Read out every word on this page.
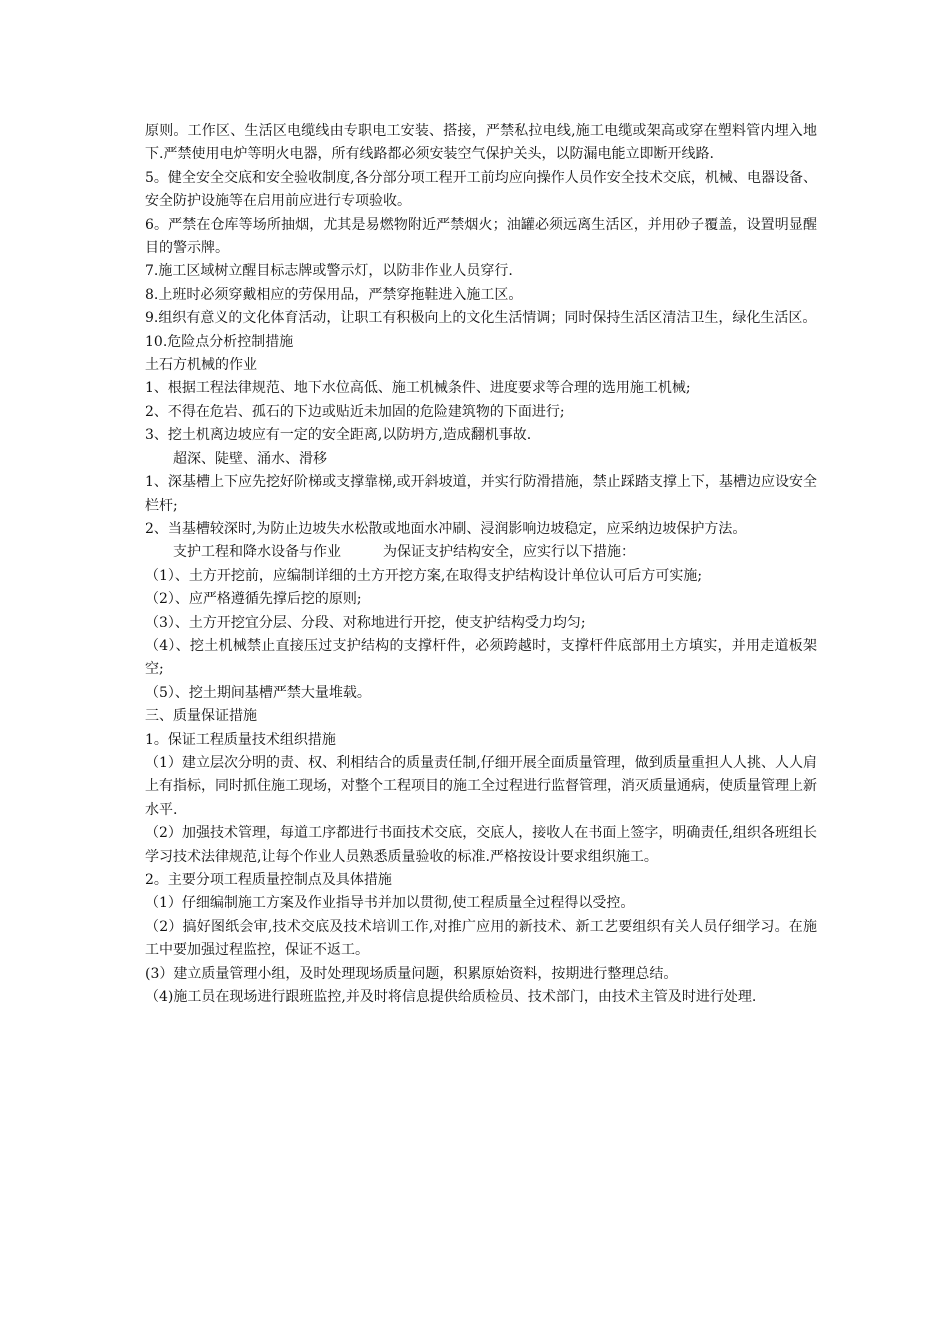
原则。工作区、生活区电缆线由专职电工安装、搭接，严禁私拉电线,施工电缆或架高或穿在塑料管内埋入地下.严禁使用电炉等明火电器，所有线路都必须安装空气保护关头，以防漏电能立即断开线路.

5。健全安全交底和安全验收制度,各分部分项工程开工前均应向操作人员作安全技术交底，机械、电器设备、安全防护设施等在启用前应进行专项验收。

6。严禁在仓库等场所抽烟，尤其是易燃物附近严禁烟火；油罐必须远离生活区，并用砂子覆盖，设置明显醒目的警示牌。

7.施工区域树立醒目标志牌或警示灯，以防非作业人员穿行.

8.上班时必须穿戴相应的劳保用品，严禁穿拖鞋进入施工区。

9.组织有意义的文化体育活动，让职工有积极向上的文化生活情调；同时保持生活区清洁卫生，绿化生活区。

10.危险点分析控制措施

土石方机械的作业

1、根据工程法律规范、地下水位高低、施工机械条件、进度要求等合理的选用施工机械;

2、不得在危岩、孤石的下边或贴近未加固的危险建筑物的下面进行;

3、挖土机离边坡应有一定的安全距离,以防坍方,造成翻机事故.

超深、陡壁、涌水、滑移

1、深基槽上下应先挖好阶梯或支撑靠梯,或开斜坡道，并实行防滑措施，禁止踩踏支撑上下，基槽边应设安全栏杆;

2、当基槽较深时,为防止边坡失水松散或地面水冲刷、浸润影响边坡稳定，应采纳边坡保护方法。

支护工程和降水设备与作业	为保证支护结构安全，应实行以下措施：

（1）、土方开挖前，应编制详细的土方开挖方案,在取得支护结构设计单位认可后方可实施;

（2）、应严格遵循先撑后挖的原则;

（3）、土方开挖宜分层、分段、对称地进行开挖，使支护结构受力均匀;

（4）、挖土机械禁止直接压过支护结构的支撑杆件，必须跨越时，支撑杆件底部用土方填实，并用走道板架空;

（5）、挖土期间基槽严禁大量堆载。

三、质量保证措施

1。保证工程质量技术组织措施

（1）建立层次分明的责、权、利相结合的质量责任制,仔细开展全面质量管理，做到质量重担人人挑、人人肩上有指标，同时抓住施工现场，对整个工程项目的施工全过程进行监督管理，消灭质量通病，使质量管理上新水平.

（2）加强技术管理，每道工序都进行书面技术交底，交底人，接收人在书面上签字，明确责任,组织各班组长学习技术法律规范,让每个作业人员熟悉质量验收的标准.严格按设计要求组织施工。

2。主要分项工程质量控制点及具体措施

（1）仔细编制施工方案及作业指导书并加以贯彻,使工程质量全过程得以受控。

（2）搞好图纸会审,技术交底及技术培训工作,对推广应用的新技术、新工艺要组织有关人员仔细学习。在施工中要加强过程监控，保证不返工。

(3）建立质量管理小组，及时处理现场质量问题，积累原始资料，按期进行整理总结。

（4)施工员在现场进行跟班监控,并及时将信息提供给质检员、技术部门，由技术主管及时进行处理.
